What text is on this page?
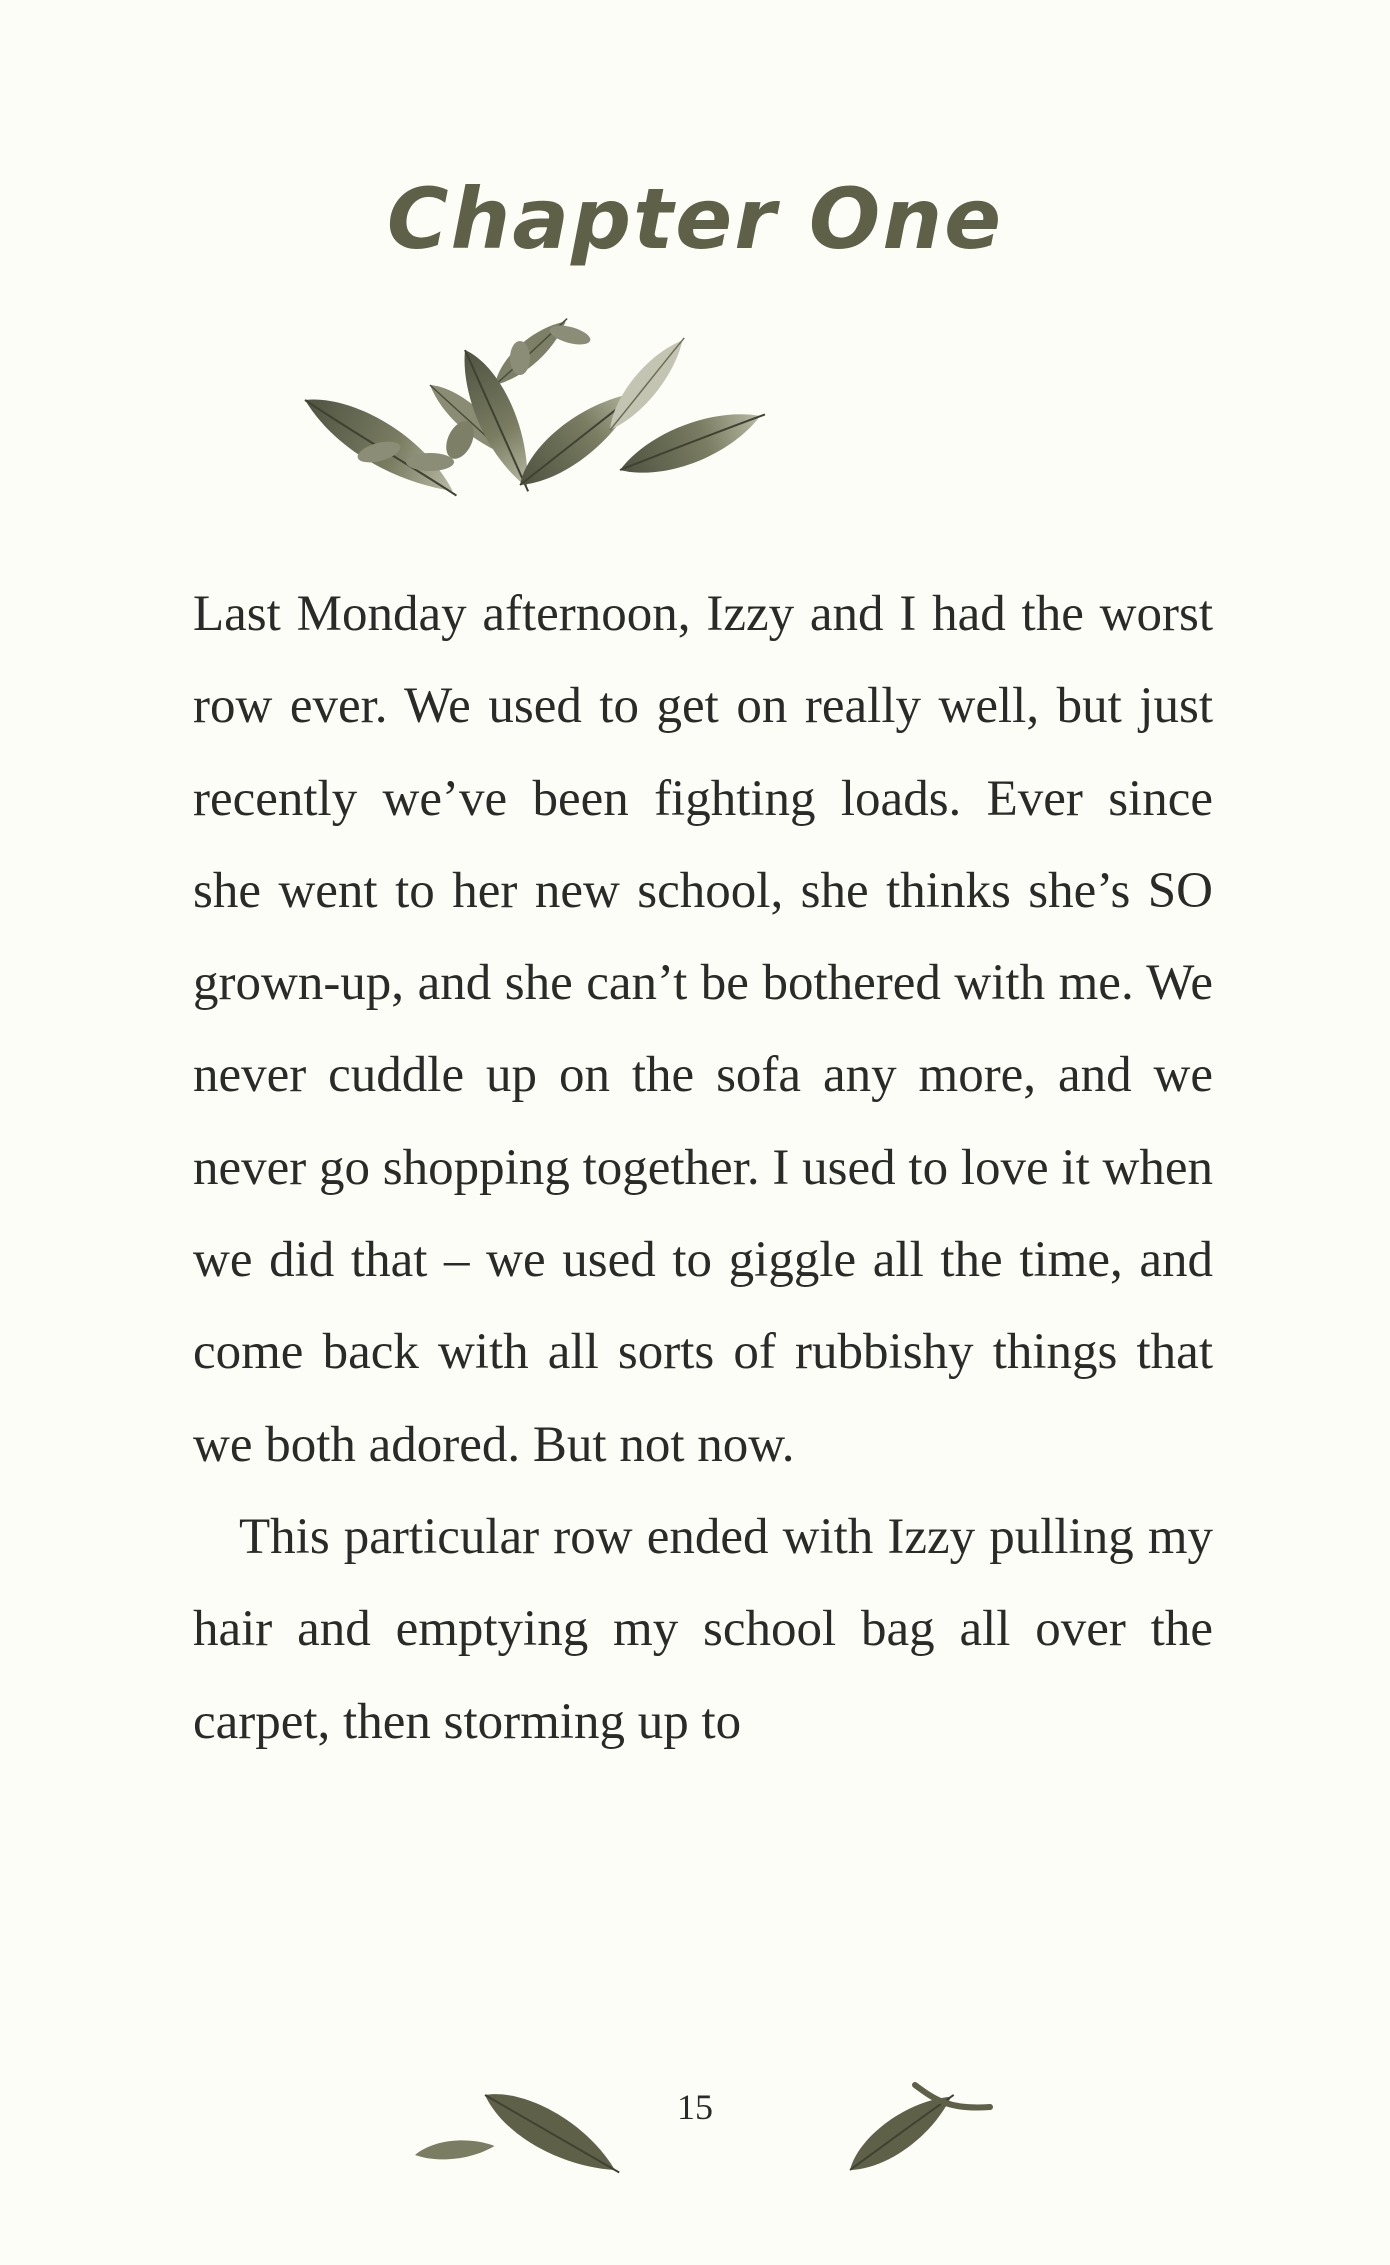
Chapter One

Last Monday afternoon, Izzy and I had the worst row ever. We used to get on really well, but just recently we’ve been fighting loads. Ever since she went to her new school, she thinks she’s SO grown-up, and she can’t be bothered with me. We never cuddle up on the sofa any more, and we never go shopping together. I used to love it when we did that – we used to giggle all the time, and come back with all sorts of rubbishy things that we both adored. But not now.

This particular row ended with Izzy pulling my hair and emptying my school bag all over the carpet, then storming up to

15
